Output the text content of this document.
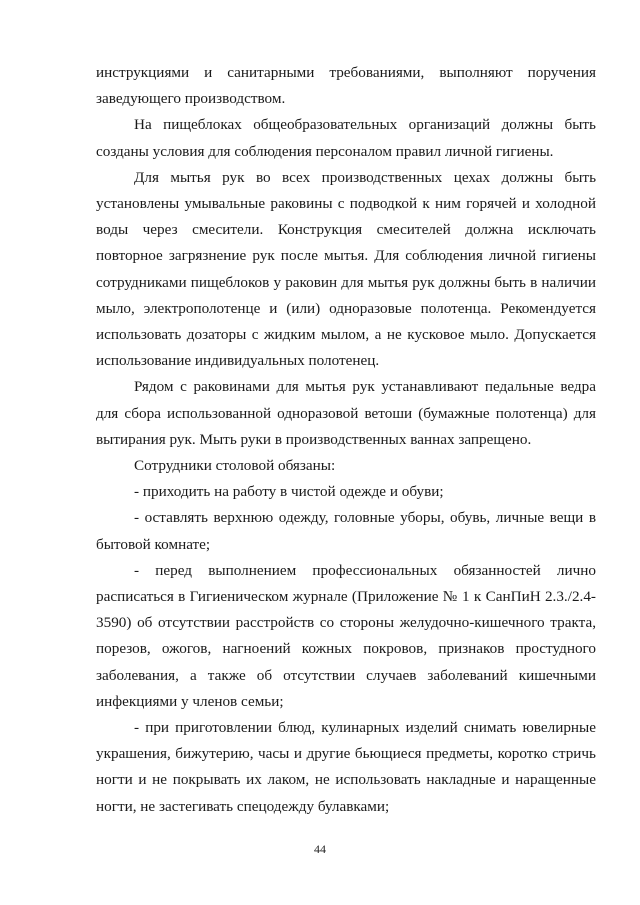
инструкциями и санитарными требованиями, выполняют поручения заведующего производством.

На пищеблоках общеобразовательных организаций должны быть созданы условия для соблюдения персоналом правил личной гигиены.

Для мытья рук во всех производственных цехах должны быть установлены умывальные раковины с подводкой к ним горячей и холодной воды через смесители. Конструкция смесителей должна исключать повторное загрязнение рук после мытья. Для соблюдения личной гигиены сотрудниками пищеблоков у раковин для мытья рук должны быть в наличии мыло, электрополотенце и (или) одноразовые полотенца. Рекомендуется использовать дозаторы с жидким мылом, а не кусковое мыло. Допускается использование индивидуальных полотенец.

Рядом с раковинами для мытья рук устанавливают педальные ведра для сбора использованной одноразовой ветоши (бумажные полотенца) для вытирания рук. Мыть руки в производственных ваннах запрещено.

Сотрудники столовой обязаны:

- приходить на работу в чистой одежде и обуви;

- оставлять верхнюю одежду, головные уборы, обувь, личные вещи в бытовой комнате;

- перед выполнением профессиональных обязанностей лично расписаться в Гигиеническом журнале (Приложение № 1 к СанПиН 2.3./2.4-3590) об отсутствии расстройств со стороны желудочно-кишечного тракта, порезов, ожогов, нагноений кожных покровов, признаков простудного заболевания, а также об отсутствии случаев заболеваний кишечными инфекциями у членов семьи;

- при приготовлении блюд, кулинарных изделий снимать ювелирные украшения, бижутерию, часы и другие бьющиеся предметы, коротко стричь ногти и не покрывать их лаком, не использовать накладные и наращенные ногти, не застегивать спецодежду булавками;

44
